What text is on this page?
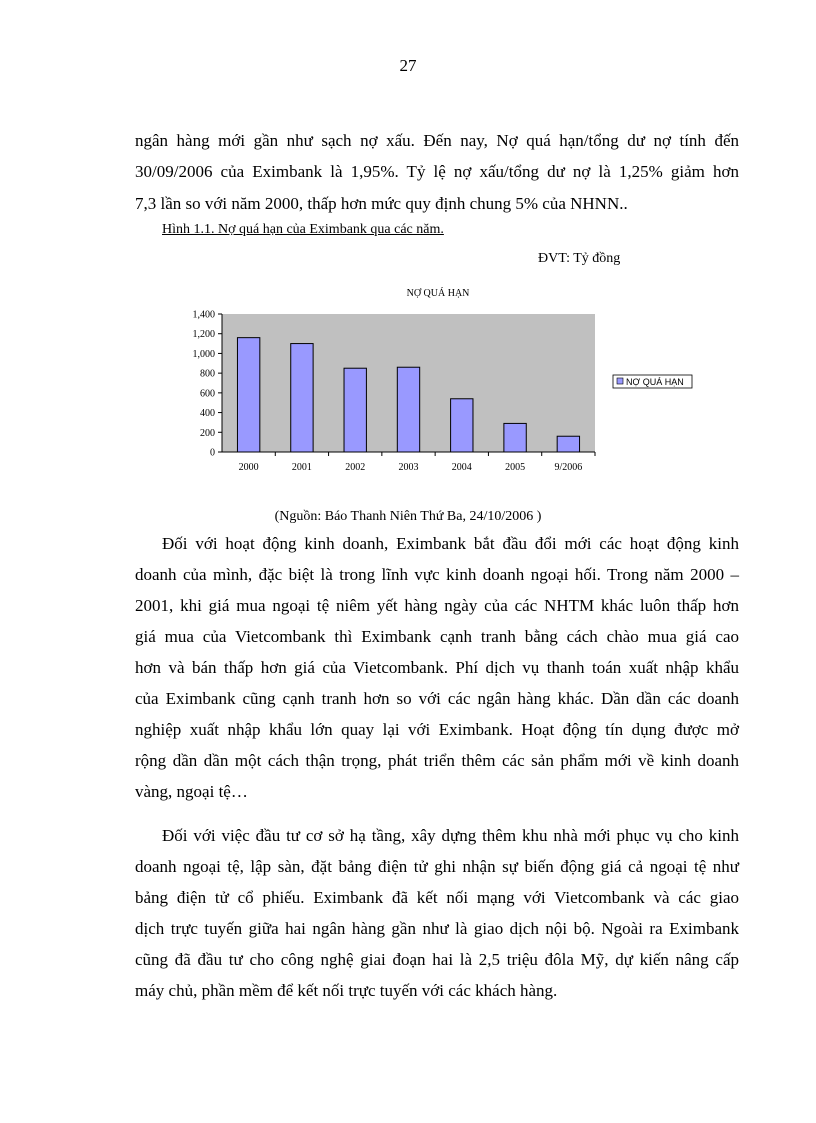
27
ngân hàng mới gần như sạch nợ xấu. Đến nay, Nợ quá hạn/tổng dư nợ tính đến
30/09/2006 của Eximbank là 1,95%. Tỷ lệ nợ xấu/tổng dư nợ là 1,25% giảm hơn
7,3 lần so với năm 2000, thấp hơn mức quy định chung 5% của NHNN..
Hình 1.1. Nợ quá hạn của Eximbank qua các năm.
ĐVT: Tỷ đồng
NỢ QUÁ HẠN
0
200
400
600
800
1,000
1,200
1,400
2000	2001	2002	2003	2004	2005	9/2006
NỢ QUÁ HẠN
(Nguồn: Báo Thanh Niên Thứ Ba, 24/10/2006 )
Đối với hoạt động kinh doanh, Eximbank bắt đầu đổi mới các hoạt động kinh
doanh của mình, đặc biệt là trong lĩnh vực kinh doanh ngoại hối. Trong năm 2000 –
2001, khi giá mua ngoại tệ niêm yết hàng ngày của các NHTM khác luôn thấp hơn
giá mua của Vietcombank thì Eximbank cạnh tranh bằng cách chào mua giá cao
hơn và bán thấp hơn giá của Vietcombank. Phí dịch vụ thanh toán xuất nhập khẩu
của Eximbank cũng cạnh tranh hơn so với các ngân hàng khác. Dần dần các doanh
nghiệp xuất nhập khẩu lớn quay lại với Eximbank. Hoạt động tín dụng được mở
rộng dần dần một cách thận trọng, phát triển thêm các sản phẩm mới về kinh doanh
vàng, ngoại tệ…
Đối với việc đầu tư cơ sở hạ tầng, xây dựng thêm khu nhà mới phục vụ cho kinh
doanh ngoại tệ, lập sàn, đặt bảng điện tử ghi nhận sự biến động giá cả ngoại tệ như
bảng điện tử cổ phiếu. Eximbank đã kết nối mạng với Vietcombank và các giao
dịch trực tuyến giữa hai ngân hàng gần như là giao dịch nội bộ. Ngoài ra Eximbank
cũng đã đầu tư cho công nghệ giai đoạn hai là 2,5 triệu đôla Mỹ, dự kiến nâng cấp
máy chủ, phần mềm để kết nối trực tuyến với các khách hàng.
